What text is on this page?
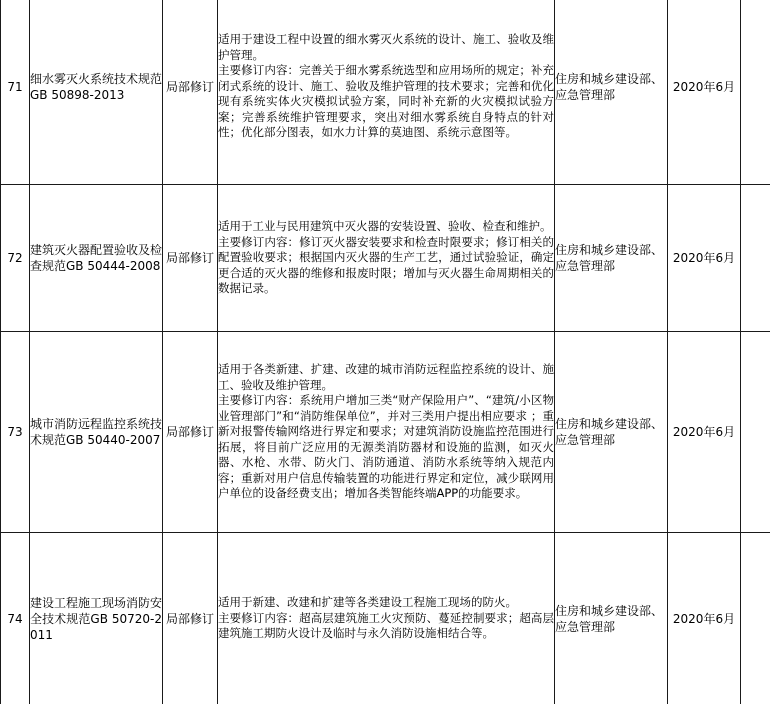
	71	细水雾灭火系统技术规范GB 50898-2013	局部修订	适用于建设工程中设置的细水雾灭火系统的设计、施工、验收及维护管理。

主要修订内容：完善关于细水雾系统选型和应用场所的规定；补充闭式系统的设计、施工、验收及维护管理的技术要求；完善和优化现有系统实体火灾模拟试验方案，同时补充新的火灾模拟试验方案；完善系统维护管理要求，突出对细水雾系统自身特点的针对性；优化部分图表，如水力计算的莫迪图、系统示意图等。	住房和城乡建设部、应急管理部	2020年6月	
	72	建筑灭火器配置验收及检查规范GB 50444-2008	局部修订	适用于工业与民用建筑中灭火器的安装设置、验收、检查和维护。

主要修订内容：修订灭火器安装要求和检查时限要求；修订相关的配置验收要求；根据国内灭火器的生产工艺，通过试验验证，确定更合适的灭火器的维修和报废时限；增加与灭火器生命周期相关的数据记录。	住房和城乡建设部、应急管理部	2020年6月	
	73	城市消防远程监控系统技术规范GB 50440-2007	局部修订	适用于各类新建、扩建、改建的城市消防远程监控系统的设计、施工、验收及维护管理。

主要修订内容：系统用户增加三类“财产保险用户”、“建筑/小区物业管理部门”和“消防维保单位”，并对三类用户提出相应要求 ；重新对报警传输网络进行界定和要求；对建筑消防设施监控范围进行拓展，将目前广泛应用的无源类消防器材和设施的监测，如灭火器、水枪、水带、防火门、消防通道、消防水系统等纳入规范内容；重新对用户信息传输装置的功能进行界定和定位，减少联网用户单位的设备经费支出；增加各类智能终端APP的功能要求。	住房和城乡建设部、应急管理部	2020年6月	
	74	建设工程施工现场消防安全技术规范GB 50720-2011	局部修订	适用于新建、改建和扩建等各类建设工程施工现场的防火。

主要修订内容：超高层建筑施工火灾预防、蔓延控制要求；超高层建筑施工期防火设计及临时与永久消防设施相结合等。	住房和城乡建设部、应急管理部	2020年6月	
